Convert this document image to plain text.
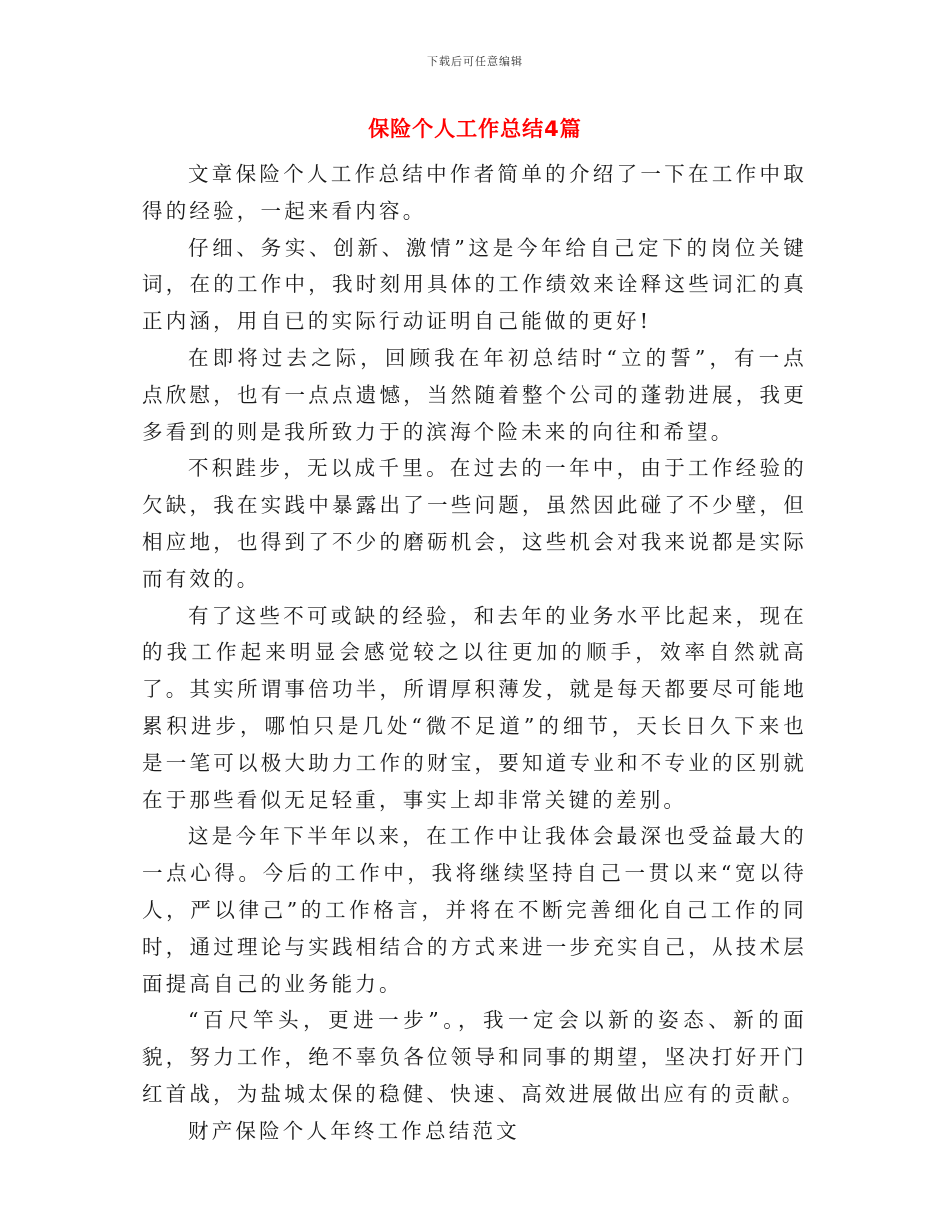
下载后可任意编辑
保险个人工作总结4篇

文章保险个人工作总结中作者简单的介绍了一下在工作中取得的经验，一起来看内容。

仔细、务实、创新、激情”这是今年给自己定下的岗位关键词，在的工作中，我时刻用具体的工作绩效来诠释这些词汇的真正内涵，用自已的实际行动证明自己能做的更好!

在即将过去之际，回顾我在年初总结时“立的誓”，有一点点欣慰，也有一点点遗憾，当然随着整个公司的蓬勃进展，我更多看到的则是我所致力于的滨海个险未来的向往和希望。

不积跬步，无以成千里。在过去的一年中，由于工作经验的欠缺，我在实践中暴露出了一些问题，虽然因此碰了不少壁，但相应地，也得到了不少的磨砺机会，这些机会对我来说都是实际而有效的。

有了这些不可或缺的经验，和去年的业务水平比起来，现在的我工作起来明显会感觉较之以往更加的顺手，效率自然就高了。其实所谓事倍功半，所谓厚积薄发，就是每天都要尽可能地累积进步，哪怕只是几处“微不足道”的细节，天长日久下来也是一笔可以极大助力工作的财宝，要知道专业和不专业的区别就在于那些看似无足轻重，事实上却非常关键的差别。

这是今年下半年以来，在工作中让我体会最深也受益最大的一点心得。今后的工作中，我将继续坚持自己一贯以来“宽以待人，严以律己”的工作格言，并将在不断完善细化自己工作的同时，通过理论与实践相结合的方式来进一步充实自己，从技术层面提高自己的业务能力。

“百尺竿头，更进一步”。，我一定会以新的姿态、新的面貌，努力工作，绝不辜负各位领导和同事的期望，坚决打好开门红首战，为盐城太保的稳健、快速、高效进展做出应有的贡献。

财产保险个人年终工作总结范文
